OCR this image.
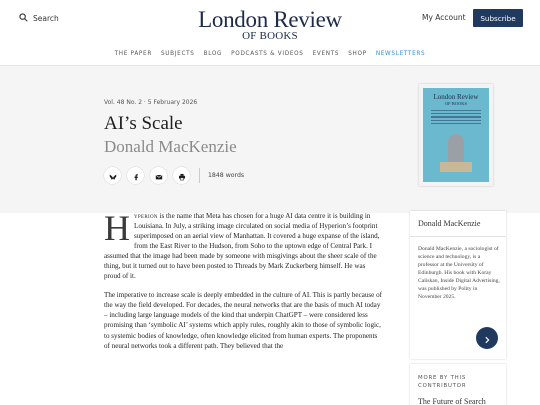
Search	London Review
OF BOOKS
My Account	Subscribe
THE PAPER SUBJECTS BLOG PODCASTS & VIDEOS EVENTS SHOP NEWSLETTERS
Vol. 48 No. 2 · 5 February 2026
AI’s Scale
Donald MacKenzie
1848 words
London Review
OF BOOKS

Hyperion is the name that Meta has chosen for a huge AI data centre it is building in Louisiana. In July, a striking image circulated on social media of Hyperion’s footprint superimposed on an aerial view of Manhattan. It covered a huge expanse of the island, from the East River to the Hudson, from Soho to the uptown edge of Central Park. I assumed that the image had been made by someone with misgivings about the sheer scale of the thing, but it turned out to have been posted to Threads by Mark Zuckerberg himself. He was proud of it.

The imperative to increase scale is deeply embedded in the culture of AI. This is partly because of the way the field developed. For decades, the neural networks that are the basis of much AI today – including large language models of the kind that underpin ChatGPT – were considered less promising than ‘symbolic AI’ systems which apply rules, roughly akin to those of symbolic logic, to systemic bodies of knowledge, often knowledge elicited from human experts. The proponents of neural networks took a different path. They believed that the

Donald MacKenzie
Donald MacKenzie, a sociologist of science and technology, is a professor at the University of Edinburgh. His book with Koray Caliskan, Inside Digital Advertising, was published by Polity in November 2025.
MORE BY THIS CONTRIBUTOR
The Future of Search
